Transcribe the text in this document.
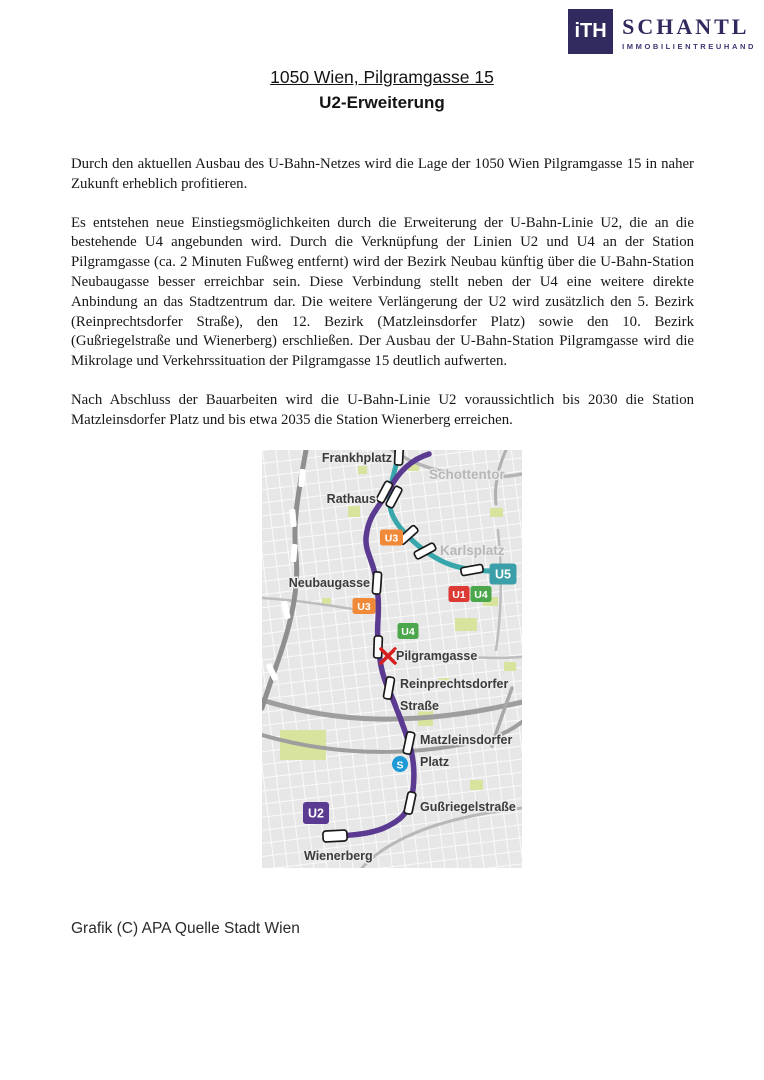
iTH SCHANTL
IMMOBILIENTREUHAND
1050 Wien, Pilgramgasse 15
U2-Erweiterung

Durch den aktuellen Ausbau des U-Bahn-Netzes wird die Lage der 1050 Wien Pilgramgasse 15 in naher Zukunft erheblich profitieren.

Es entstehen neue Einstiegsmöglichkeiten durch die Erweiterung der U-Bahn-Linie U2, die an die bestehende U4 angebunden wird. Durch die Verknüpfung der Linien U2 und U4 an der Station Pilgramgasse (ca. 2 Minuten Fußweg entfernt) wird der Bezirk Neubau künftig über die U-Bahn-Station Neubaugasse besser erreichbar sein. Diese Verbindung stellt neben der U4 eine weitere direkte Anbindung an das Stadtzentrum dar. Die weitere Verlängerung der U2 wird zusätzlich den 5. Bezirk (Reinprechtsdorfer Straße), den 12. Bezirk (Matzleinsdorfer Platz) sowie den 10. Bezirk (Gußriegelstraße und Wienerberg) erschließen. Der Ausbau der U-Bahn-Station Pilgramgasse wird die Mikrolage und Verkehrssituation der Pilgramgasse 15 deutlich aufwerten.

Nach Abschluss der Bauarbeiten wird die U-Bahn-Linie U2 voraussichtlich bis 2030 die Station Matzleinsdorfer Platz und bis etwa 2035 die Station Wienerberg erreichen.

S
U3
U3
U1 U4
U5
U4
U2
Frankhplatz
Rathaus
Schottentor
Karlsplatz
Neubaugasse
Pilgramgasse
Reinprechtsdorfer
Straße
Matzleinsdorfer
Platz
Gußriegelstraße
Wienerberg
Grafik (C) APA Quelle Stadt Wien
